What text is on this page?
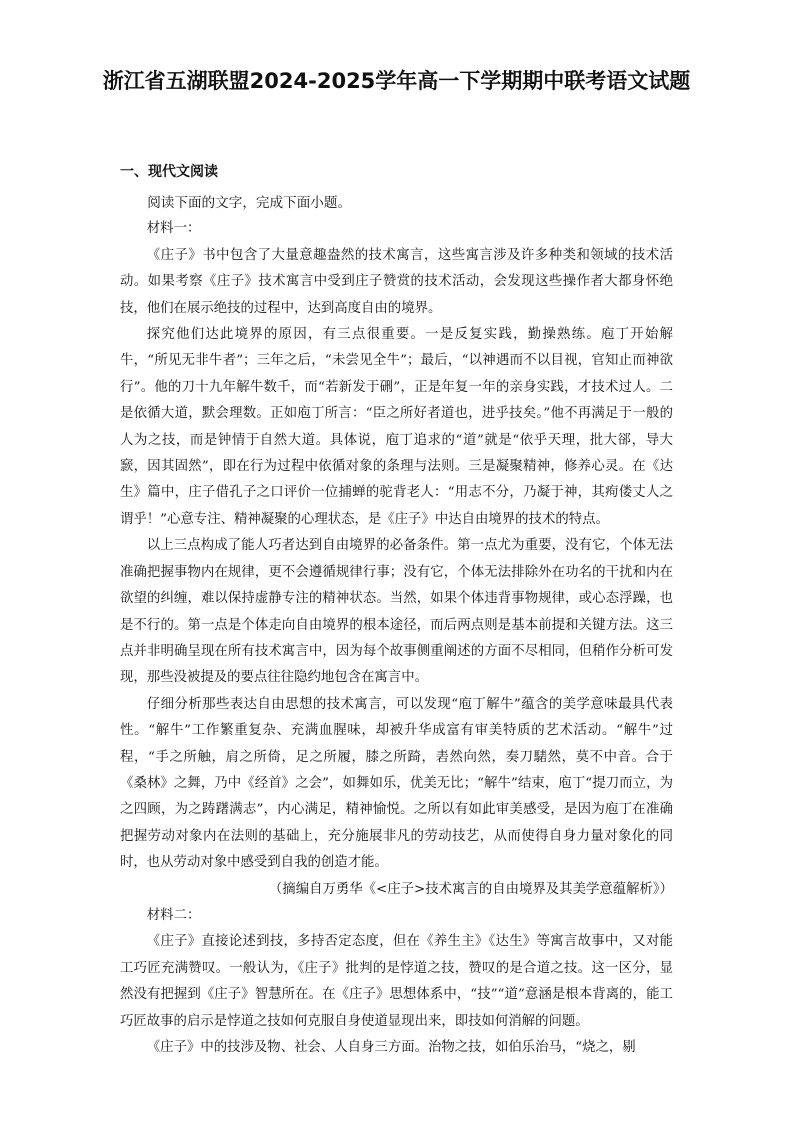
浙江省五湖联盟2024-2025学年高一下学期期中联考语文试题
一、现代文阅读

阅读下面的文字，完成下面小题。

材料一：

《庄子》书中包含了大量意趣盎然的技术寓言，这些寓言涉及许多种类和领域的技术活动。如果考察《庄子》技术寓言中受到庄子赞赏的技术活动，会发现这些操作者大都身怀绝技，他们在展示绝技的过程中，达到高度自由的境界。

探究他们达此境界的原因，有三点很重要。一是反复实践，勤操熟练。庖丁开始解牛，“所见无非牛者”；三年之后，“未尝见全牛”；最后，“以神遇而不以目视，官知止而神欲行”。他的刀十九年解牛数千，而“若新发于硎”，正是年复一年的亲身实践，才技术过人。二是依循大道，默会理数。正如庖丁所言：“臣之所好者道也，进乎技矣。”他不再满足于一般的人为之技，而是钟情于自然大道。具体说，庖丁追求的“道”就是“依乎天理，批大郤，导大窾，因其固然”，即在行为过程中依循对象的条理与法则。三是凝聚精神，修养心灵。在《达生》篇中，庄子借孔子之口评价一位捕蝉的驼背老人：“用志不分，乃凝于神，其痀偻丈人之谓乎！”心意专注、精神凝聚的心理状态，是《庄子》中达自由境界的技术的特点。

以上三点构成了能人巧者达到自由境界的必备条件。第一点尤为重要，没有它，个体无法准确把握事物内在规律，更不会遵循规律行事；没有它，个体无法排除外在功名的干扰和内在欲望的纠缠，难以保持虚静专注的精神状态。当然，如果个体违背事物规律，或心态浮躁，也是不行的。第一点是个体走向自由境界的根本途径，而后两点则是基本前提和关键方法。这三点并非明确呈现在所有技术寓言中，因为每个故事侧重阐述的方面不尽相同，但稍作分析可发现，那些没被提及的要点往往隐约地包含在寓言中。

仔细分析那些表达自由思想的技术寓言，可以发现“庖丁解牛”蕴含的美学意味最具代表性。“解牛”工作繁重复杂、充满血腥味，却被升华成富有审美特质的艺术活动。“解牛”过程，“手之所触，肩之所倚，足之所履，膝之所踦，砉然向然，奏刀騞然，莫不中音。合于《桑林》之舞，乃中《经首》之会”，如舞如乐，优美无比；“解牛”结束，庖丁“提刀而立，为之四顾，为之踌躇满志”，内心满足，精神愉悦。之所以有如此审美感受，是因为庖丁在准确把握劳动对象内在法则的基础上，充分施展非凡的劳动技艺，从而使得自身力量对象化的同时，也从劳动对象中感受到自我的创造才能。

（摘编自万勇华《<庄子>技术寓言的自由境界及其美学意蕴解析》）

材料二：

《庄子》直接论述到技，多持否定态度，但在《养生主》《达生》等寓言故事中，又对能工巧匠充满赞叹。一般认为，《庄子》批判的是悖道之技，赞叹的是合道之技。这一区分，显然没有把握到《庄子》智慧所在。在《庄子》思想体系中，“技”“道”意涵是根本背离的，能工巧匠故事的启示是悖道之技如何克服自身使道显现出来，即技如何消解的问题。

《庄子》中的技涉及物、社会、人自身三方面。治物之技，如伯乐治马，“烧之，剔
